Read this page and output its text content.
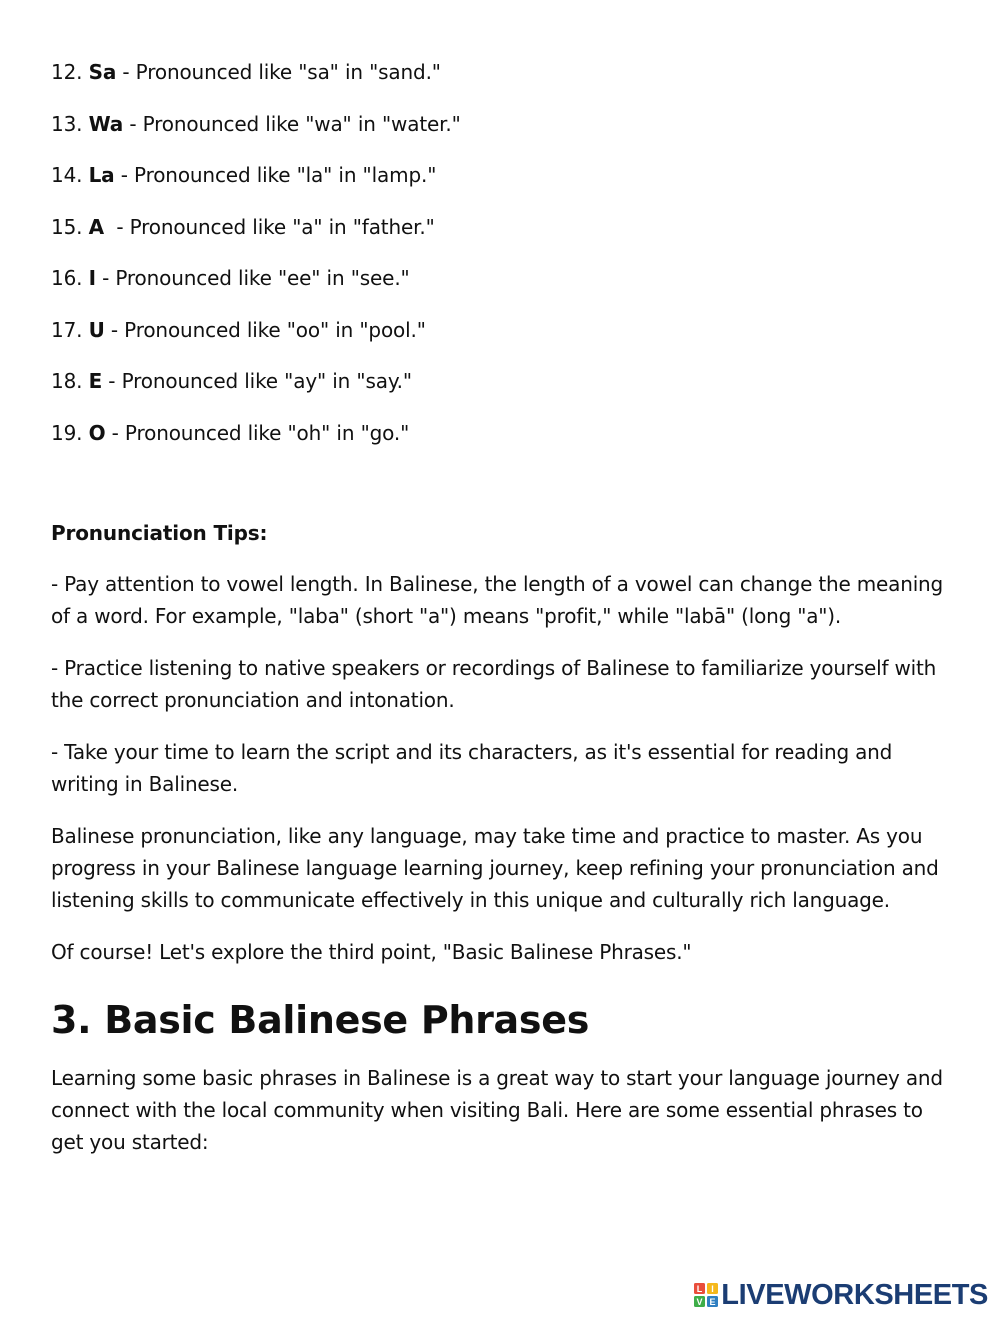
12. Sa - Pronounced like "sa" in "sand."
13. Wa - Pronounced like "wa" in "water."
14. La - Pronounced like "la" in "lamp."
15. A  - Pronounced like "a" in "father."
16. I - Pronounced like "ee" in "see."
17. U - Pronounced like "oo" in "pool."
18. E - Pronounced like "ay" in "say."
19. O - Pronounced like "oh" in "go."
Pronunciation Tips:

- Pay attention to vowel length. In Balinese, the length of a vowel can change the meaning of a word. For example, "laba" (short "a") means "profit," while "labā" (long "a").

- Practice listening to native speakers or recordings of Balinese to familiarize yourself with the correct pronunciation and intonation.

- Take your time to learn the script and its characters, as it's essential for reading and writing in Balinese.

Balinese pronunciation, like any language, may take time and practice to master. As you progress in your Balinese language learning journey, keep refining your pronunciation and listening skills to communicate effectively in this unique and culturally rich language.

Of course! Let's explore the third point, "Basic Balinese Phrases."

3. Basic Balinese Phrases

Learning some basic phrases in Balinese is a great way to start your language journey and connect with the local community when visiting Bali. Here are some essential phrases to get you started:

L I
V E LIVEWORKSHEETS
